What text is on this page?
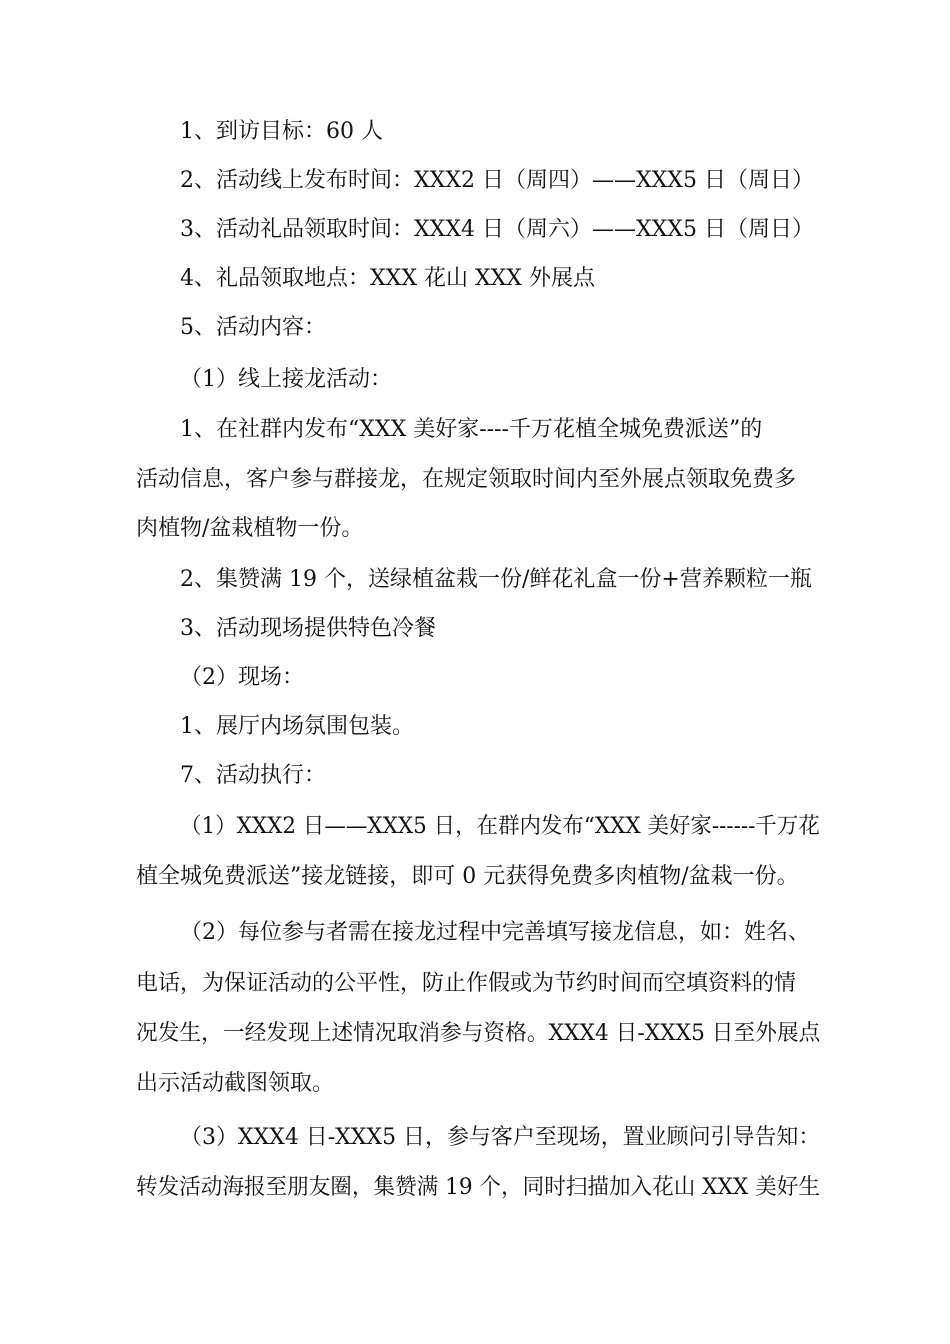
1、到访目标：60 人
2、活动线上发布时间：XXX2 日（周四）——XXX5 日（周日）
3、活动礼品领取时间：XXX4 日（周六）——XXX5 日（周日）
4、礼品领取地点：XXX 花山 XXX 外展点
5、活动内容：
（1）线上接龙活动：
1、在社群内发布“XXX 美好家----千万花植全城免费派送”的
活动信息，客户参与群接龙，在规定领取时间内至外展点领取免费多
肉植物/盆栽植物一份。
2、集赞满 19 个，送绿植盆栽一份/鲜花礼盒一份+营养颗粒一瓶
3、活动现场提供特色冷餐
（2）现场：
1、展厅内场氛围包装。
7、活动执行：
（1）XXX2 日——XXX5 日，在群内发布“XXX 美好家------千万花
植全城免费派送”接龙链接，即可 0 元获得免费多肉植物/盆栽一份。
（2）每位参与者需在接龙过程中完善填写接龙信息，如：姓名、
电话，为保证活动的公平性，防止作假或为节约时间而空填资料的情
况发生，一经发现上述情况取消参与资格。XXX4 日-XXX5 日至外展点
出示活动截图领取。
（3）XXX4 日-XXX5 日，参与客户至现场，置业顾问引导告知：
转发活动海报至朋友圈，集赞满 19 个，同时扫描加入花山 XXX 美好生
